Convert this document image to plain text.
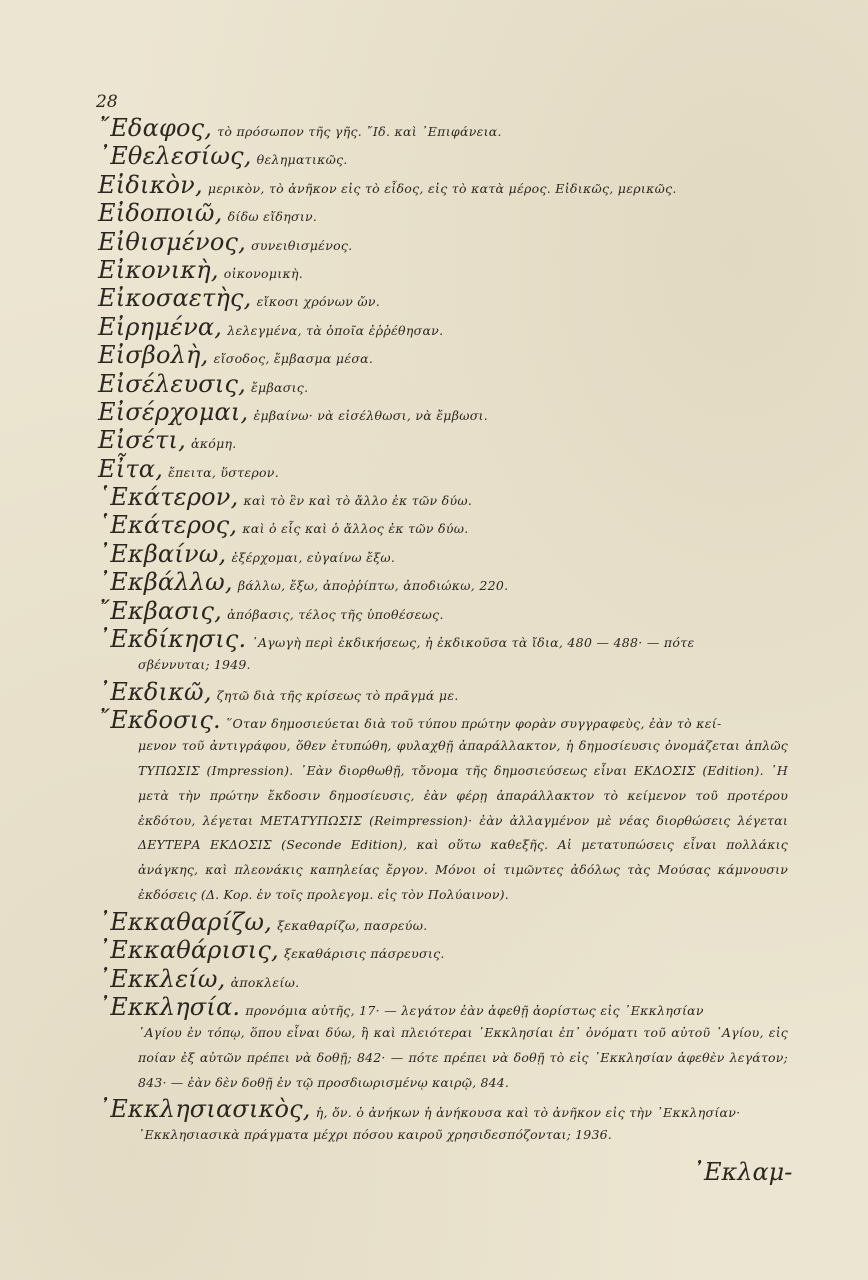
28
῎Εδαφος, τὸ πρόσωπον τῆς γῆς. ῎Ιδ. καὶ ᾿Επιφάνεια.
᾿Εθελεσίως, θεληματικῶς.
Εἰδικὸν, μερικὸν, τὸ ἀνῆκον εἰς τὸ εἶδος, εἰς τὸ κατὰ μέρος. Εἰδικῶς, μερικῶς.
Εἰδοποιῶ, δίδω εἴδησιν.
Εἰθισμένος, συνειθισμένος.
Εἰκονικὴ, οἰκονομικὴ.
Εἰκοσαετὴς, εἴκοσι χρόνων ὤν.
Εἰρημένα, λελεγμένα, τὰ ὁποῖα ἐῤῥέθησαν.
Εἰσβολὴ, εἴσοδος, ἔμβασμα μέσα.
Εἰσέλευσις, ἔμβασις.
Εἰσέρχομαι, ἐμβαίνω· νὰ εἰσέλθωσι, νὰ ἔμβωσι.
Εἰσέτι, ἀκόμη.
Εἶτα, ἔπειτα, ὕστερον.
῾Εκάτερον, καὶ τὸ ἓν καὶ τὸ ἄλλο ἐκ τῶν δύω.
῾Εκάτερος, καὶ ὁ εἷς καὶ ὁ ἄλλος ἐκ τῶν δύω.
᾿Εκβαίνω, ἐξέρχομαι, εὐγαίνω ἔξω.
᾿Εκβάλλω, βάλλω, ἔξω, ἀποῤῥίπτω, ἀποδιώκω, 220.
῎Εκβασις, ἀπόβασις, τέλος τῆς ὑποθέσεως.
᾿Εκδίκησις. ᾿Αγωγὴ περὶ ἐκδικήσεως, ἡ ἐκδικοῦσα τὰ ἴδια, 480 — 488· — πότε
σβέννυται; 1949.
᾿Εκδικῶ, ζητῶ διὰ τῆς κρίσεως τὸ πρᾶγμά με.
῎Εκδοσις. ῞Οταν δημοσιεύεται διὰ τοῦ τύπου πρώτην φορὰν συγγραφεὺς, ἐὰν τὸ κεί-
μενον τοῦ ἀντιγράφου, ὅθεν ἐτυπώθη, φυλαχθῇ ἀπαράλλακτον, ἡ δημοσίευσις ὀνομάζεται ἁπλῶς ΤΥΠΩΣΙΣ (Impression). ᾿Εὰν διορθωθῇ, τὄνομα τῆς δημοσιεύσεως εἶναι ΕΚΔΟΣΙΣ (Edition). ῾Η μετὰ τὴν πρώτην ἔκδοσιν δημοσίευσις, ἐὰν φέρῃ ἀπαράλλακτον τὸ κείμενον τοῦ προτέρου ἐκδότου, λέγεται ΜΕΤΑΤΥΠΩΣΙΣ (Reimpression)· ἐὰν ἀλλαγμένον μὲ νέας διορθώσεις λέγεται ΔΕΥΤΕΡΑ ΕΚΔΟΣΙΣ (Seconde Edition), καὶ οὕτω καθεξῆς. Αἱ μετατυπώσεις εἶναι πολλάκις ἀνάγκης, καὶ πλεονάκις καπηλείας ἔργον. Μόνοι οἱ τιμῶντες ἀδόλως τὰς Μούσας κάμνουσιν ἐκδόσεις (Δ. Κορ. ἐν τοῖς προλεγομ. εἰς τὸν Πολύαινον).
᾿Εκκαθαρίζω, ξεκαθαρίζω, πασρεύω.
᾿Εκκαθάρισις, ξεκαθάρισις πάσρευσις.
᾿Εκκλείω, ἀποκλείω.
᾿Εκκλησία. προνόμια αὐτῆς, 17· — λεγάτον ἐὰν ἀφεθῇ ἀορίστως εἰς ᾿Εκκλησίαν
῾Αγίου ἐν τόπῳ, ὅπου εἶναι δύω, ἢ καὶ πλειότεραι ᾿Εκκλησίαι ἐπ᾿ ὀνόματι τοῦ αὐτοῦ ῾Αγίου, εἰς ποίαν ἐξ αὐτῶν πρέπει νὰ δοθῇ; 842· — πότε πρέπει νὰ δοθῇ τὸ εἰς ᾿Εκκλησίαν ἀφεθὲν λεγάτον; 843· — ἐὰν δὲν δοθῇ ἐν τῷ προσδιωρισμένῳ καιρῷ, 844.
᾿Εκκλησιασικὸς, ἡ, ὄν. ὁ ἀνήκων ἡ ἀνήκουσα καὶ τὸ ἀνῆκον εἰς τὴν ᾿Εκκλησίαν·
᾿Εκκλησιασικὰ πράγματα μέχρι πόσου καιροῦ χρησιδεσπόζονται; 1936.
᾿Εκλαμ-
